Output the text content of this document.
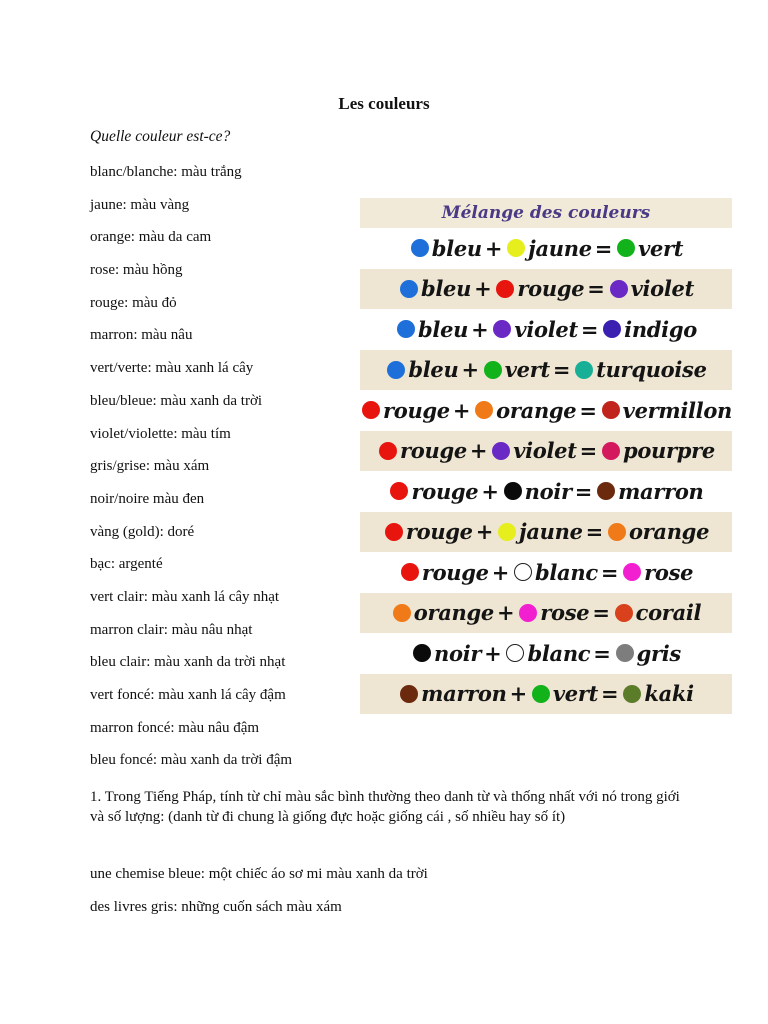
Les couleurs
Quelle couleur est-ce?
blanc/blanche: màu trắng
jaune: màu vàng
orange: màu da cam
rose: màu hồng
rouge: màu đỏ
marron: màu nâu
vert/verte: màu xanh lá cây
bleu/bleue: màu xanh da trời
violet/violette: màu tím
gris/grise: màu xám
noir/noire màu đen
vàng (gold): doré
bạc: argenté
vert clair: màu xanh lá cây nhạt
marron clair: màu nâu nhạt
bleu clair: màu xanh da trời nhạt
vert foncé: màu xanh lá cây đậm
marron foncé: màu nâu đậm
bleu foncé: màu xanh da trời đậm
Mélange des couleurs
bleu + jaune = vert
bleu + rouge = violet
bleu + violet = indigo
bleu + vert = turquoise
rouge + orange = vermillon
rouge + violet = pourpre
rouge + noir = marron
rouge + jaune = orange
rouge + blanc = rose
orange + rose = corail
noir + blanc = gris
marron + vert = kaki
1. Trong Tiếng Pháp, tính từ chỉ màu sắc bình thường theo danh từ và thống nhất với nó trong giới và số lượng: (danh từ đi chung là giống đực hoặc giống cái , số nhiều hay số ít)
une chemise bleue: một chiếc áo sơ mi màu xanh da trời
des livres gris: những cuốn sách màu xám
